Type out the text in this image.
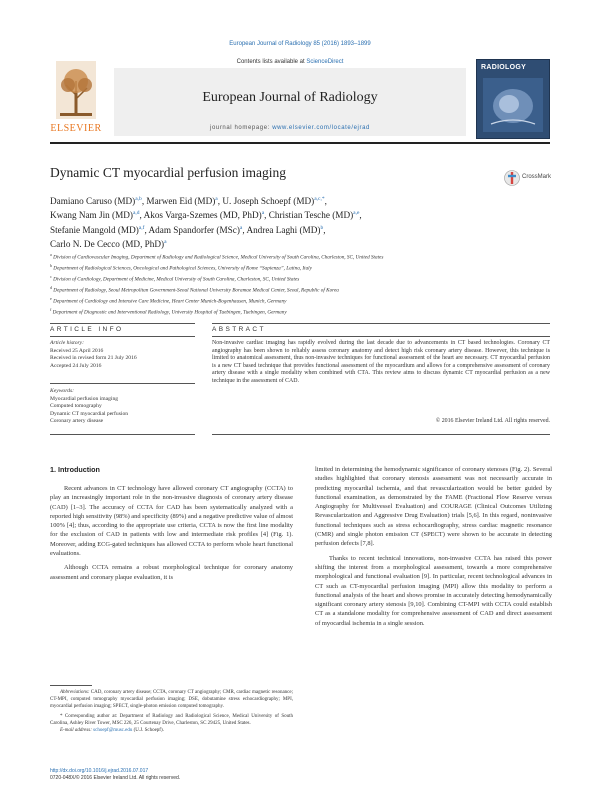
European Journal of Radiology 85 (2016) 1893–1899
ELSEVIER
Contents lists available at ScienceDirect
European Journal of Radiology
journal homepage: www.elsevier.com/locate/ejrad
RADIOLOGY
Dynamic CT myocardial perfusion imaging	CrossMark
Damiano Caruso (MD)$^{a,b}$, Marwen Eid (MD)$^a$, U. Joseph Schoepf (MD)$^{a,c,*}$,
Kwang Nam Jin (MD)$^{a,d}$, Akos Varga-Szemes (MD, PhD)$^a$, Christian Tesche (MD)$^{a,e}$,
Stefanie Mangold (MD)$^{a,f}$, Adam Spandorfer (MSc)$^a$, Andrea Laghi (MD)$^b$,
Carlo N. De Cecco (MD, PhD)$^a$
$^a$ Division of Cardiovascular Imaging, Department of Radiology and Radiological Science, Medical University of South Carolina, Charleston, SC, United States
$^b$ Department of Radiological Sciences, Oncological and Pathological Sciences, University of Rome “Sapienza”, Latina, Italy
$^c$ Division of Cardiology, Department of Medicine, Medical University of South Carolina, Charleston, SC, United States
$^d$ Department of Radiology, Seoul Metropolitan Government-Seoul National University Boramae Medical Center, Seoul, Republic of Korea
$^e$ Department of Cardiology and Intensive Care Medicine, Heart Center Munich-Bogenhausen, Munich, Germany
$^f$ Department of Diagnostic and Interventional Radiology, University Hospital of Tuebingen, Tuebingen, Germany
ARTICLE INFO	ABSTRACT
Article history:
Received 25 April 2016
Received in revised form 21 July 2016
Accepted 24 July 2016
Keywords:
Myocardial perfusion imaging
Computed tomography
Dynamic CT myocardial perfusion
Coronary artery disease
Non-invasive cardiac imaging has rapidly evolved during the last decade due to advancements in CT based technologies. Coronary CT angiography has been shown to reliably assess coronary anatomy and detect high risk coronary artery disease. However, this technique is limited to anatomical assessment, thus non-invasive techniques for functional assessment of the heart are necessary. CT myocardial perfusion is a new CT based technique that provides functional assessment of the myocardium and allows for a comprehensive assessment of coronary artery disease with a single modality when combined with CTA. This review aims to discuss dynamic CT myocardial perfusion as a new technique in the assessment of CAD.
© 2016 Elsevier Ireland Ltd. All rights reserved.
1. Introduction

Recent advances in CT technology have allowed coronary CT angiography (CCTA) to play an increasingly important role in the non-invasive diagnosis of coronary artery disease (CAD) [1–3]. The accuracy of CCTA for CAD has been systematically analyzed with a reported high sensitivity (98%) and specificity (89%) and a negative predictive value of almost 100% [4]; thus, according to the appropriate use criteria, CCTA is now the first line modality for the exclusion of CAD in patients with low and intermediate risk profiles [4] (Fig. 1). Moreover, adding ECG-gated techniques has allowed CCTA to perform whole heart functional evaluations.

Although CCTA remains a robust morphological technique for coronary anatomy assessment and coronary plaque evaluation, it is

limited in determining the hemodynamic significance of coronary stenoses (Fig. 2). Several studies highlighted that coronary stenosis assessment was not necessarily accurate in predicting myocardial ischemia, and that revascularization would be better guided by functional examination, as demonstrated by the FAME (Fractional Flow Reserve versus Angiography for Multivessel Evaluation) and COURAGE (Clinical Outcomes Utilizing Revascularization and Aggressive Drug Evaluation) trials [5,6]. In this regard, noninvasive functional techniques such as stress echocardiography, stress cardiac magnetic resonance (CMR) and single photon emission CT (SPECT) were shown to be accurate in detecting perfusion defects [7,8].

Thanks to recent technical innovations, non-invasive CCTA has raised this power shifting the interest from a morphological assessment, towards a more comprehensive morphological and functional evaluation [9]. In particular, recent technological advances in CT such as CT-myocardial perfusion imaging (MPI) allow this modality to perform a functional analysis of the heart and shows promise in accurately detecting hemodynamically significant coronary artery stenosis [9,10]. Combining CT-MPI with CCTA could establish CT as a standalone modality for comprehensive assessment of CAD and direct assessment of myocardial ischemia in a single session.

Abbreviations: CAD, coronary artery disease; CCTA, coronary CT angiography; CMR, cardiac magnetic resonance; CT-MPI, computed tomography myocardial perfusion imaging; DSE, dobutamine stress echocardiography; MPI, myocardial perfusion imaging; SPECT, single-photon emission computed tomography.
* Corresponding author at: Department of Radiology and Radiological Science, Medical University of South Carolina, Ashley River Tower, MSC 226, 25 Courtenay Drive, Charleston, SC 29425, United States.
E-mail address: schoepf@musc.edu (U.J. Schoepf).
http://dx.doi.org/10.1016/j.ejrad.2016.07.017
0720-048X/© 2016 Elsevier Ireland Ltd. All rights reserved.
